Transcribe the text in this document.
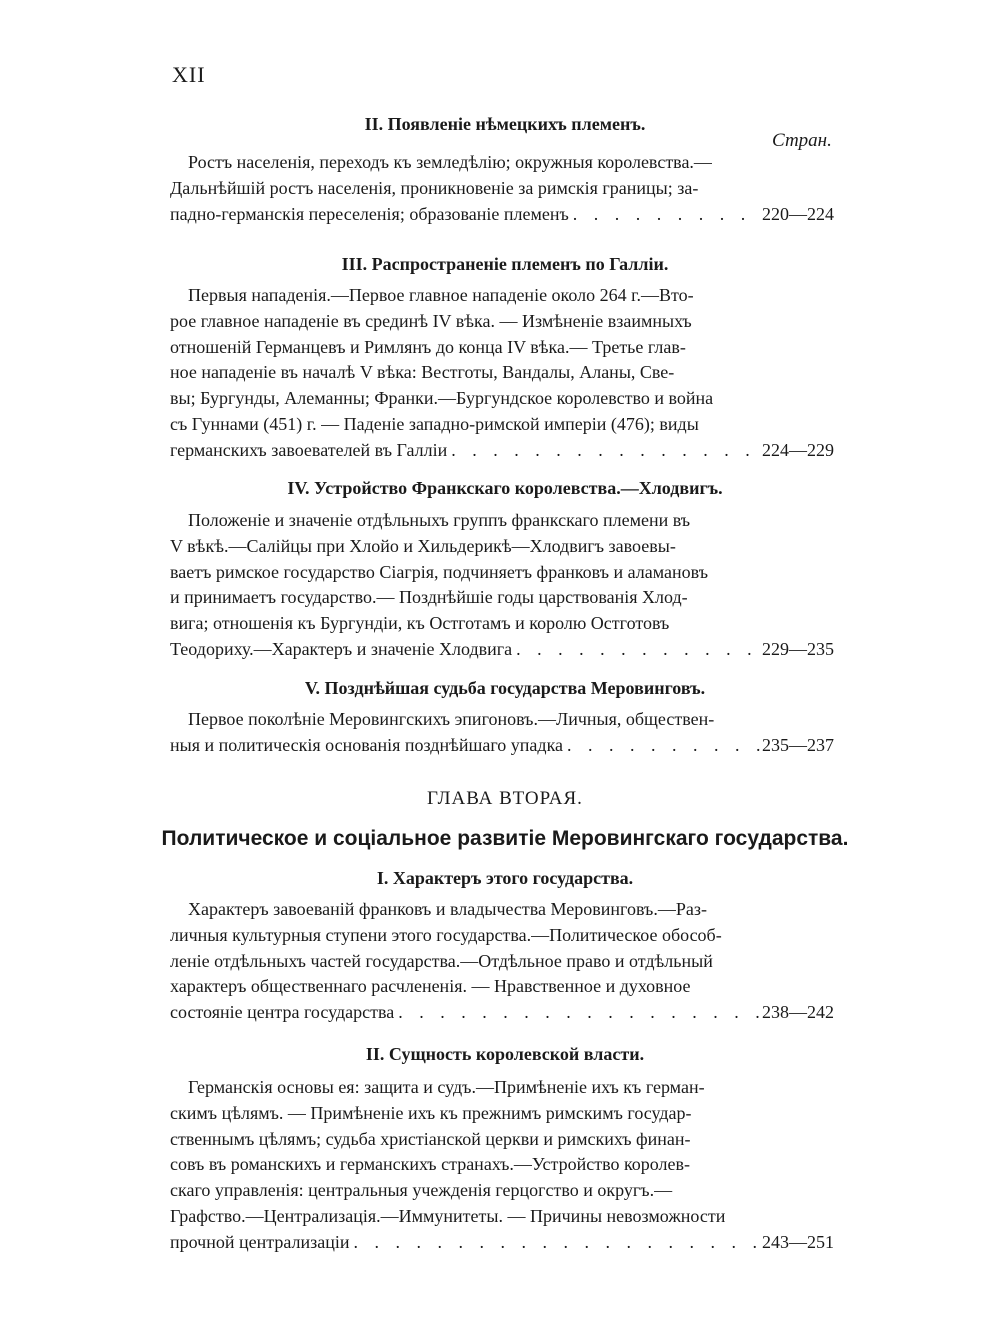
XII
II. Появленіе нѣмецкихъ племенъ.
Стран.
Ростъ населенія, переходъ къ земледѣлію; окружныя королевства.—
Дальнѣйшій ростъ населенія, проникновеніе за римскія границы; за-
падно-германскія переселенія; образованіе племенъ . . .	220—224
III. Распространеніе племенъ по Галліи.
Первыя нападенія.—Первое главное нападеніе около 264 г.—Вто-
рое главное нападеніе въ срединѣ IV вѣка. — Измѣненіе взаимныхъ
отношеній Германцевъ и Римлянъ до конца IV вѣка.— Третье глав-
ное нападеніе въ началѣ V вѣка: Вестготы, Вандалы, Аланы, Све-
вы; Бургунды, Алеманны; Франки.—Бургундское королевство и война
съ Гуннами (451) г. — Паденіе западно-римской имперіи (476); виды
германскихъ завоевателей въ Галліи . . .	224—229
IV. Устройство Франкскаго королевства.—Хлодвигъ.
Положеніе и значеніе отдѣльныхъ группъ франкскаго племени въ
V вѣкѣ.—Салійцы при Хлойо и Хильдерикѣ—Хлодвигъ завоевы-
ваетъ римское государство Сіагрія, подчиняетъ франковъ и аламановъ
и принимаетъ государство.— Позднѣйшіе годы царствованія Хлод-
вига; отношенія къ Бургундіи, къ Остготамъ и королю Остготовъ
Теодориху.—Характеръ и значеніе Хлодвига . . .	229—235
V. Позднѣйшая судьба государства Меровинговъ.
Первое поколѣніе Меровингскихъ эпигоновъ.—Личныя, обществен-
ныя и политическія основанія позднѣйшаго упадка . . .	235—237
ГЛАВА ВТОРАЯ.
Политическое и соціальное развитіе Меровингскаго государства.
I. Характеръ этого государства.
Характеръ завоеваній франковъ и владычества Меровинговъ.—Раз-
личныя культурныя ступени этого государства.—Политическое обособ-
леніе отдѣльныхъ частей государства.—Отдѣльное право и отдѣльный
характеръ общественнаго расчлененія. — Нравственное и духовное
состояніе центра государства . . .	238—242
II. Сущность королевской власти.
Германскія основы ея: защита и судъ.—Примѣненіе ихъ къ герман-
скимъ цѣлямъ. — Примѣненіе ихъ къ прежнимъ римскимъ государ-
ственнымъ цѣлямъ; судьба христіанской церкви и римскихъ финан-
совъ въ романскихъ и германскихъ странахъ.—Устройство королев-
скаго управленія: центральныя учежденія герцогство и округъ.—
Графство.—Централизація.—Иммунитеты. — Причины невозможности
прочной централизаціи . . .	243—251
